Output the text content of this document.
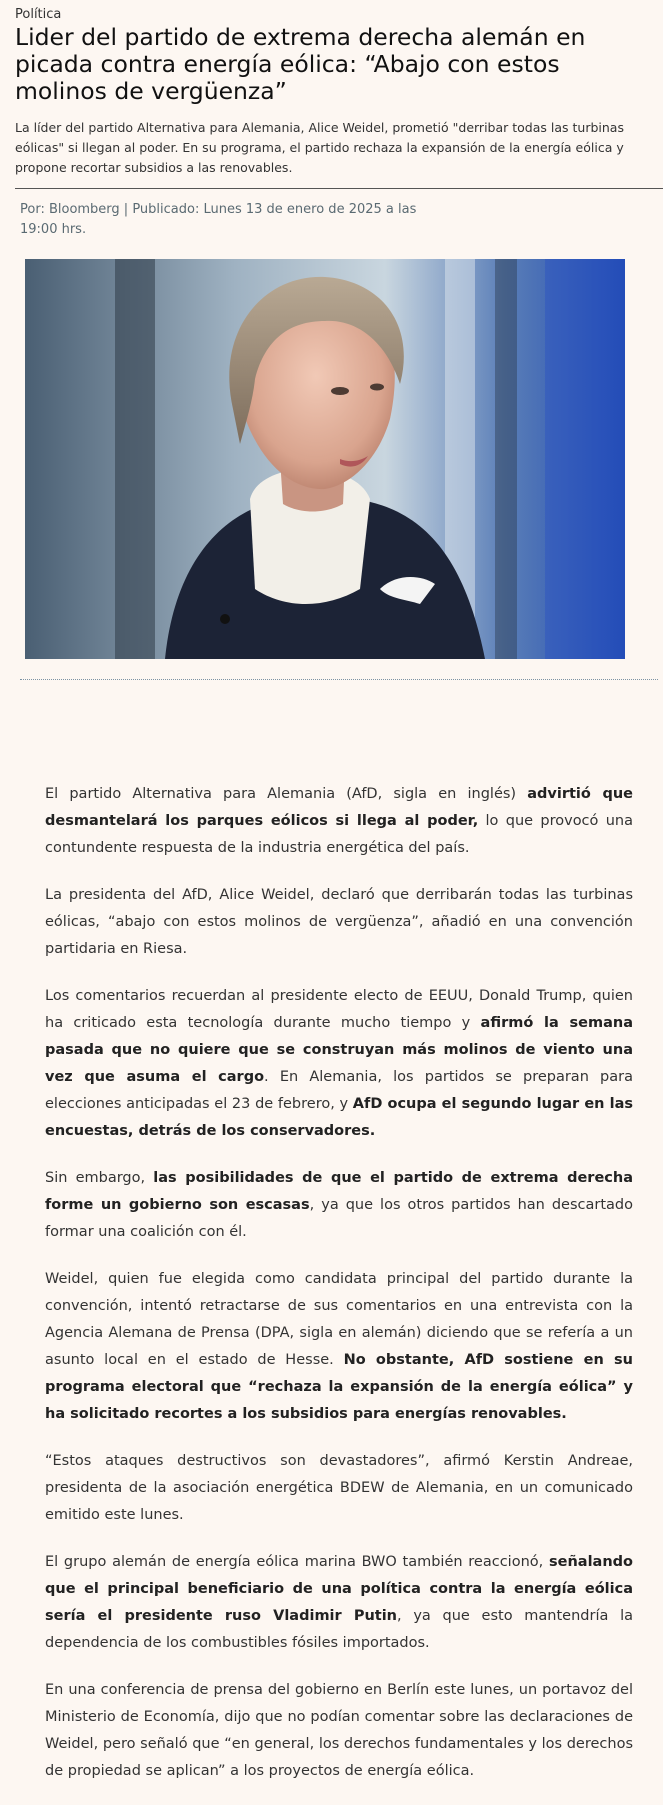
Política
Lider del partido de extrema derecha alemán en picada contra energía eólica: “Abajo con estos molinos de vergüenza”
La líder del partido Alternativa para Alemania, Alice Weidel, prometió "derribar todas las turbinas eólicas" si llegan al poder. En su programa, el partido rechaza la expansión de la energía eólica y propone recortar subsidios a las renovables.
Por: Bloomberg | Publicado: Lunes 13 de enero de 2025 a las 19:00 hrs.

El partido Alternativa para Alemania (AfD, sigla en inglés) advirtió que desmantelará los parques eólicos si llega al poder, lo que provocó una contundente respuesta de la industria energética del país.

La presidenta del AfD, Alice Weidel, declaró que derribarán todas las turbinas eólicas, “abajo con estos molinos de vergüenza”, añadió en una convención partidaria en Riesa.

Los comentarios recuerdan al presidente electo de EEUU, Donald Trump, quien ha criticado esta tecnología durante mucho tiempo y afirmó la semana pasada que no quiere que se construyan más molinos de viento una vez que asuma el cargo. En Alemania, los partidos se preparan para elecciones anticipadas el 23 de febrero, y AfD ocupa el segundo lugar en las encuestas, detrás de los conservadores.

Sin embargo, las posibilidades de que el partido de extrema derecha forme un gobierno son escasas, ya que los otros partidos han descartado formar una coalición con él.

Weidel, quien fue elegida como candidata principal del partido durante la convención, intentó retractarse de sus comentarios en una entrevista con la Agencia Alemana de Prensa (DPA, sigla en alemán) diciendo que se refería a un asunto local en el estado de Hesse. No obstante, AfD sostiene en su programa electoral que “rechaza la expansión de la energía eólica” y ha solicitado recortes a los subsidios para energías renovables.

“Estos ataques destructivos son devastadores”, afirmó Kerstin Andreae, presidenta de la asociación energética BDEW de Alemania, en un comunicado emitido este lunes.

El grupo alemán de energía eólica marina BWO también reaccionó, señalando que el principal beneficiario de una política contra la energía eólica sería el presidente ruso Vladimir Putin, ya que esto mantendría la dependencia de los combustibles fósiles importados.

En una conferencia de prensa del gobierno en Berlín este lunes, un portavoz del Ministerio de Economía, dijo que no podían comentar sobre las declaraciones de Weidel, pero señaló que “en general, los derechos fundamentales y los derechos de propiedad se aplican” a los proyectos de energía eólica.
